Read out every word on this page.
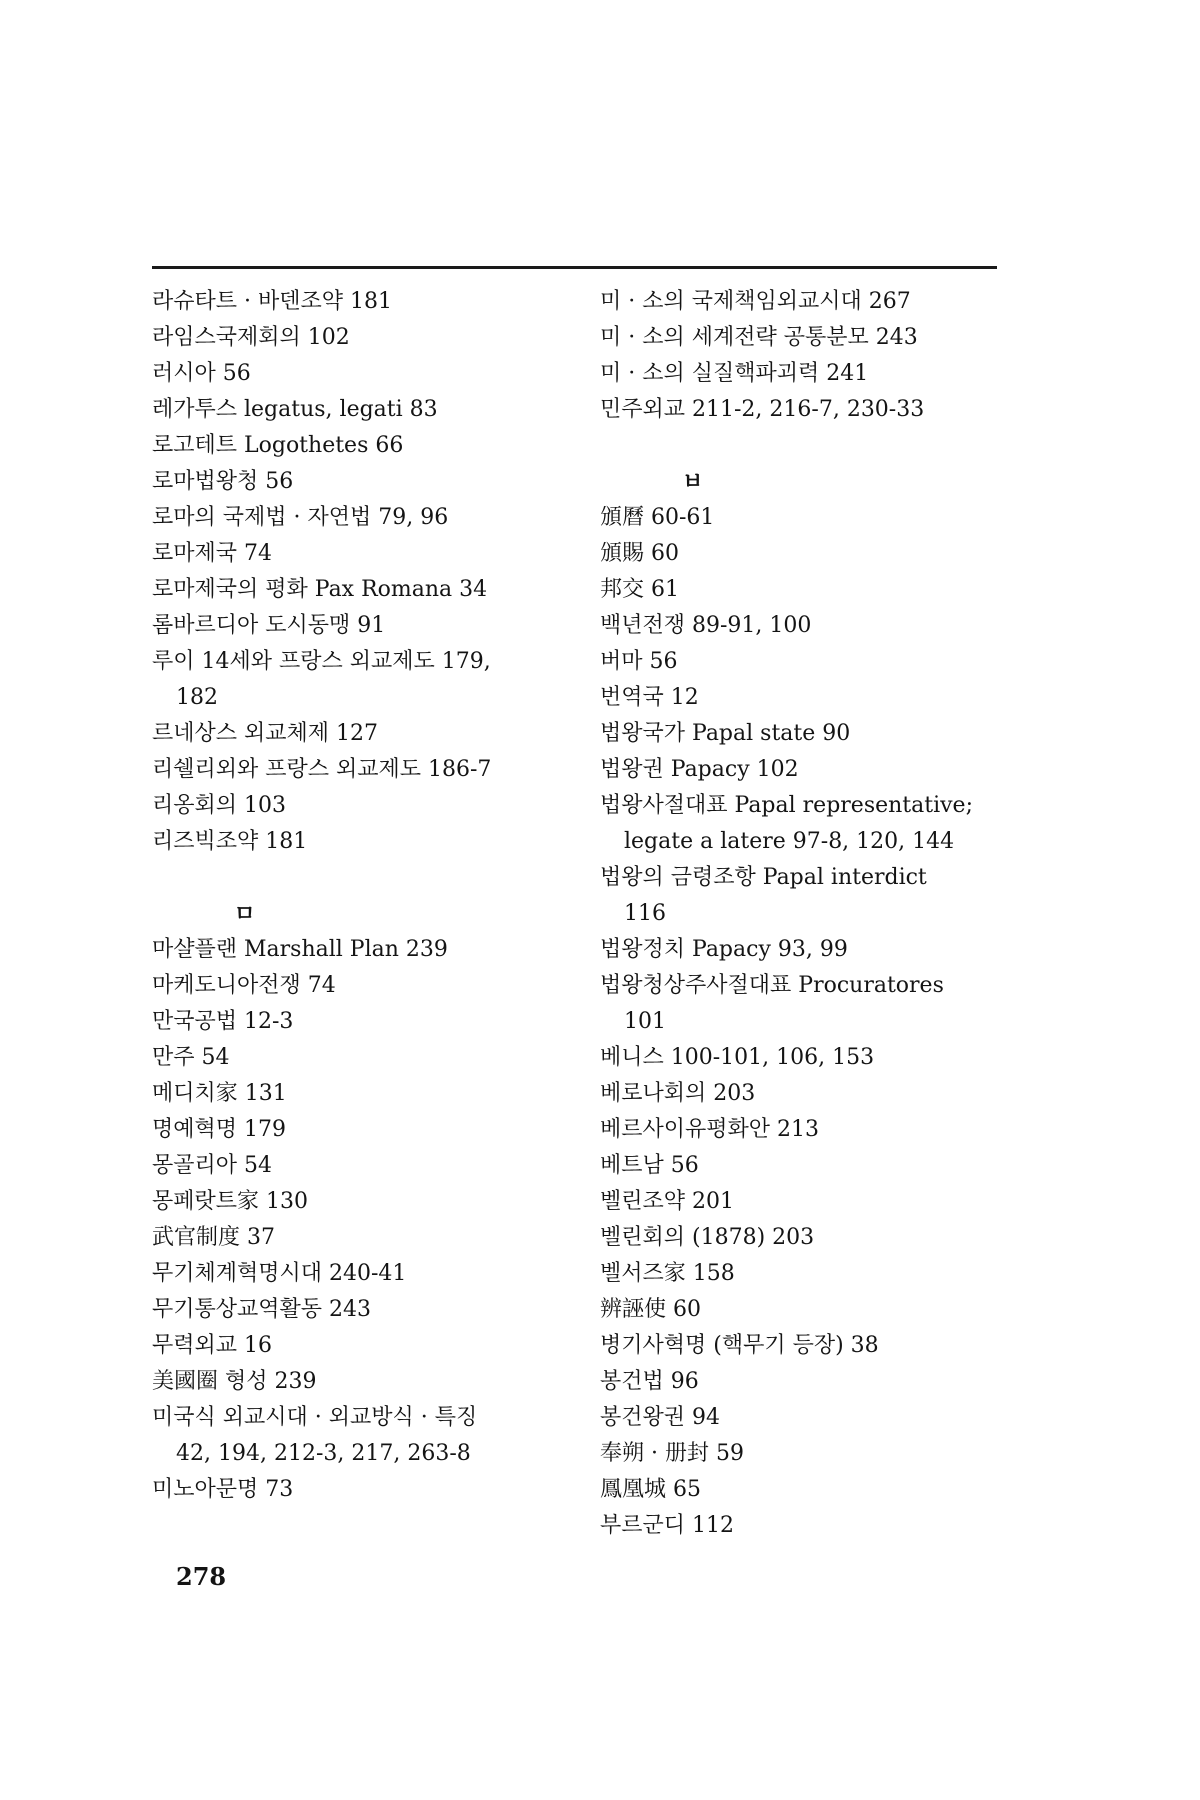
라슈타트 · 바덴조약 181
라임스국제회의 102
러시아 56
레가투스 legatus, legati 83
로고테트 Logothetes 66
로마법왕청 56
로마의 국제법 · 자연법 79, 96
로마제국 74
로마제국의 평화 Pax Romana 34
롬바르디아 도시동맹 91
루이 14세와 프랑스 외교제도 179,
182
르네상스 외교체제 127
리쉘리외와 프랑스 외교제도 186-7
리옹회의 103
리즈빅조약 181
ㅁ
마샬플랜 Marshall Plan 239
마케도니아전쟁 74
만국공법 12-3
만주 54
메디치家 131
명예혁명 179
몽골리아 54
몽페랏트家 130
武官制度 37
무기체계혁명시대 240-41
무기통상교역활동 243
무력외교 16
美國圈 형성 239
미국식 외교시대 · 외교방식 · 특징
42, 194, 212-3, 217, 263-8
미노아문명 73
미 · 소의 국제책임외교시대 267
미 · 소의 세계전략 공통분모 243
미 · 소의 실질핵파괴력 241
민주외교 211-2, 216-7, 230-33
ㅂ
頒曆 60-61
頒賜 60
邦交 61
백년전쟁 89-91, 100
버마 56
번역국 12
법왕국가 Papal state 90
법왕권 Papacy 102
법왕사절대표 Papal representative;
legate a latere 97-8, 120, 144
법왕의 금령조항 Papal interdict
116
법왕정치 Papacy 93, 99
법왕청상주사절대표 Procuratores
101
베니스 100-101, 106, 153
베로나회의 203
베르사이유평화안 213
베트남 56
벨린조약 201
벨린회의 (1878) 203
벨서즈家 158
辨誣使 60
병기사혁명 (핵무기 등장) 38
봉건법 96
봉건왕권 94
奉朔 · 册封 59
鳳凰城 65
부르군디 112
278
